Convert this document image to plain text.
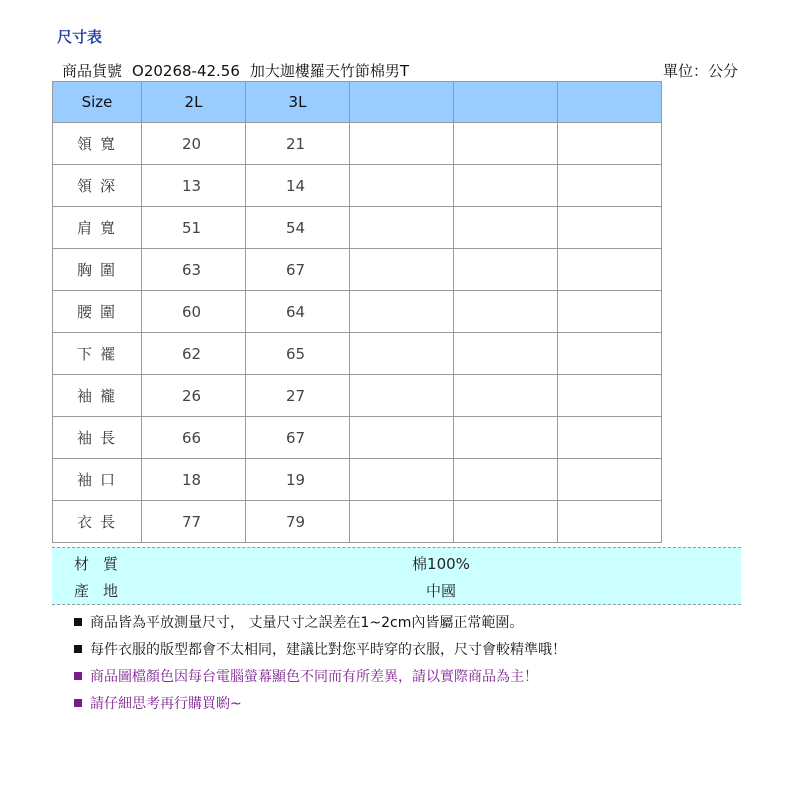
尺寸表
商品貨號 O20268-42.56 加大迦樓羅天竹節棉男T	單位：公分
Size	2L	3L			
領寬	20	21			
領深	13	14			
肩寬	51	54			
胸圍	63	67			
腰圍	60	64			
下襬	62	65			
袖襱	26	27			
袖長	66	67			
袖口	18	19			
衣長	77	79			
材質	棉100%
產地	中國
商品皆為平放測量尺寸， 丈量尺寸之誤差在1~2cm內皆屬正常範圍。
每件衣服的版型都會不太相同，建議比對您平時穿的衣服，尺寸會較精準哦！
商品圖檔顏色因每台電腦螢幕顯色不同而有所差異，請以實際商品為主！
請仔細思考再行購買喲~
